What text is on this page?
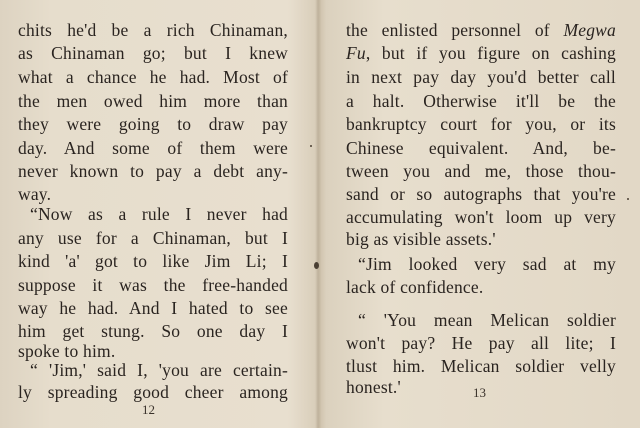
chits he'd be a rich Chinaman,
as Chinaman go; but I knew
what a chance he had. Most of
the men owed him more than
they were going to draw pay
day. And some of them were
never known to pay a debt any-
way.
“Now as a rule I never had
any use for a Chinaman, but I
kind 'a' got to like Jim Li; I
suppose it was the free-handed
way he had. And I hated to see
him get stung. So one day I
spoke to him.
“ 'Jim,' said I, 'you are certain-
ly spreading good cheer among
12
the enlisted personnel of Megwa
Fu, but if you figure on cashing
in next pay day you'd better call
a halt. Otherwise it'll be the
bankruptcy court for you, or its
Chinese equivalent. And, be-
tween you and me, those thou-
sand or so autographs that you're
accumulating won't loom up very
big as visible assets.'
“Jim looked very sad at my
lack of confidence.
“ 'You mean Melican soldier
won't pay? He pay all lite; I
tlust him. Melican soldier velly
honest.'	13
